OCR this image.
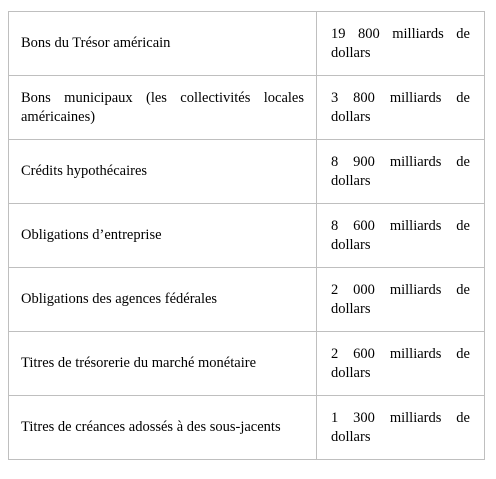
Bons du Trésor américain	19 800 milliards de dollars
Bons municipaux (les collectivités locales américaines)	3 800 milliards de dollars
Crédits hypothécaires	8 900 milliards de dollars
Obligations d’entreprise	8 600 milliards de dollars
Obligations des agences fédérales	2 000 milliards de dollars
Titres de trésorerie du marché monétaire	2 600 milliards de dollars
Titres de créances adossés à des sous-jacents	1 300 milliards de dollars
